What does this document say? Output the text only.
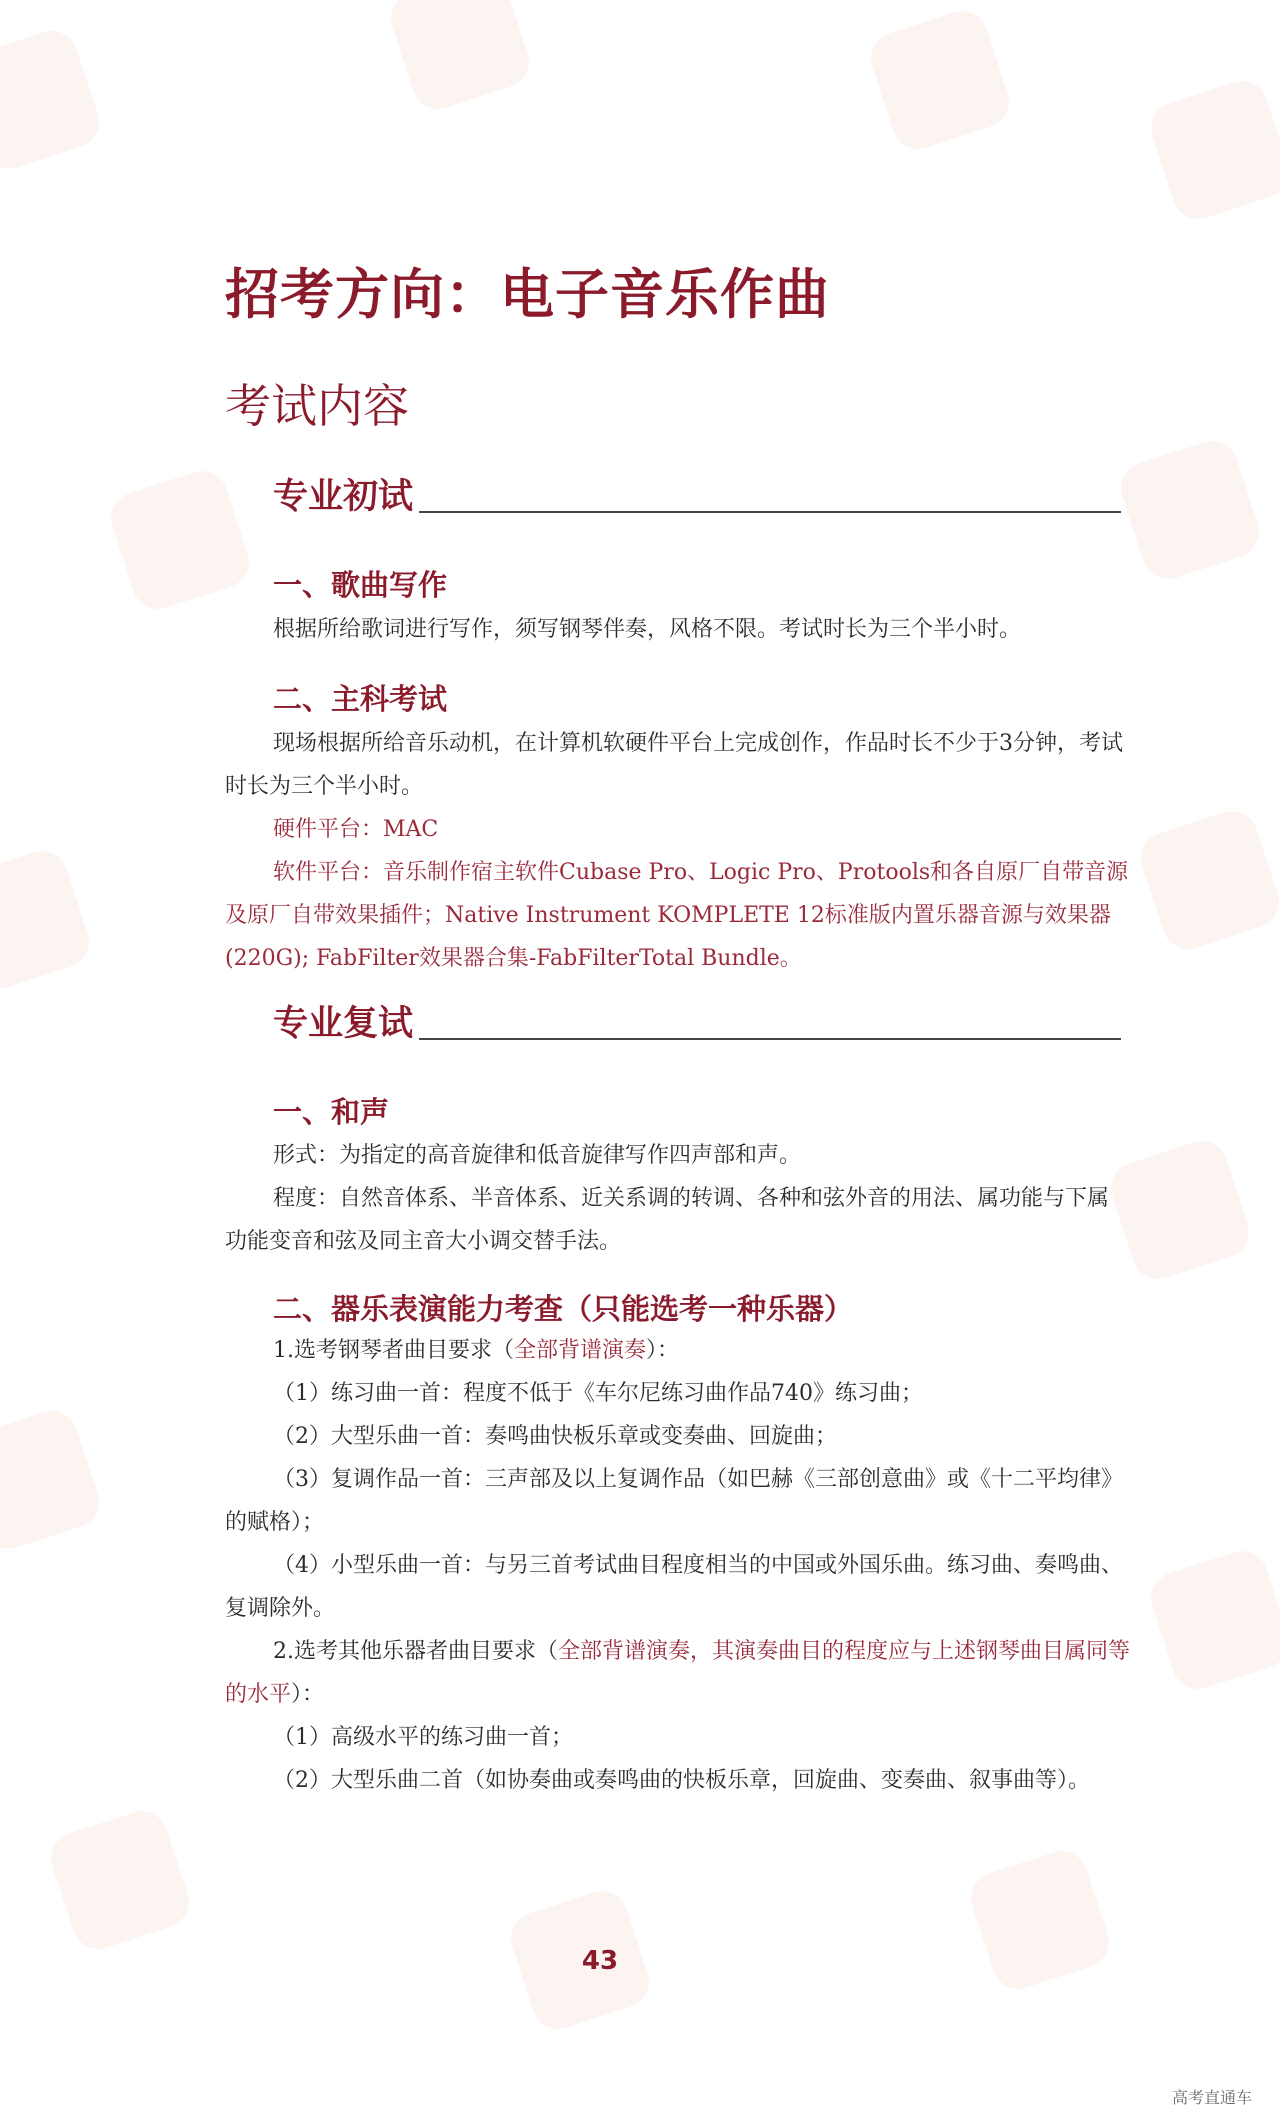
招考方向：电子音乐作曲
考试内容
专业初试
一、歌曲写作

根据所给歌词进行写作，须写钢琴伴奏，风格不限。考试时长为三个半小时。

二、主科考试

现场根据所给音乐动机，在计算机软硬件平台上完成创作，作品时长不少于3分钟，考试时长为三个半小时。

硬件平台：MAC

软件平台：音乐制作宿主软件Cubase Pro、Logic Pro、Protools和各自原厂自带音源及原厂自带效果插件；Native Instrument KOMPLETE 12标准版内置乐器音源与效果器(220G); FabFilter效果器合集-FabFilterTotal Bundle。

专业复试
一、和声

形式：为指定的高音旋律和低音旋律写作四声部和声。

程度：自然音体系、半音体系、近关系调的转调、各种和弦外音的用法、属功能与下属功能变音和弦及同主音大小调交替手法。

二、器乐表演能力考查（只能选考一种乐器）

1.选考钢琴者曲目要求（全部背谱演奏）：

（1）练习曲一首：程度不低于《车尔尼练习曲作品740》练习曲；

（2）大型乐曲一首：奏鸣曲快板乐章或变奏曲、回旋曲；

（3）复调作品一首：三声部及以上复调作品（如巴赫《三部创意曲》或《十二平均律》的赋格）；

（4）小型乐曲一首：与另三首考试曲目程度相当的中国或外国乐曲。练习曲、奏鸣曲、复调除外。

2.选考其他乐器者曲目要求（全部背谱演奏，其演奏曲目的程度应与上述钢琴曲目属同等的水平）：

（1）高级水平的练习曲一首；

（2）大型乐曲二首（如协奏曲或奏鸣曲的快板乐章，回旋曲、变奏曲、叙事曲等）。

43
高考直通车
